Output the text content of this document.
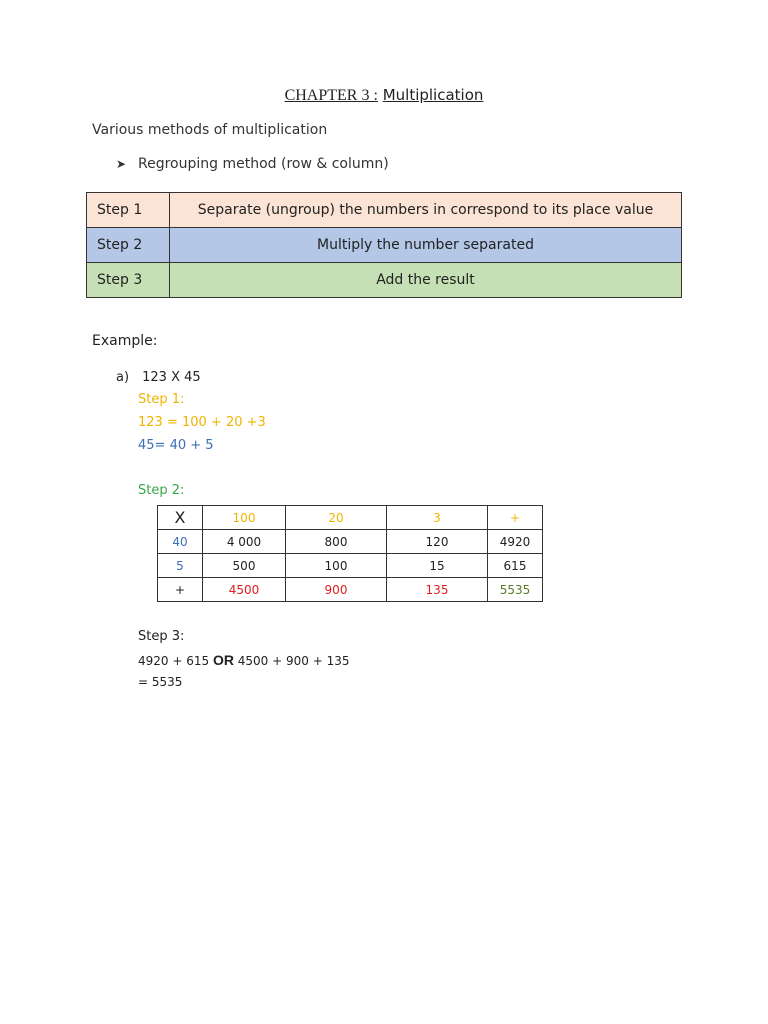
CHAPTER 3 : Multiplication
Various methods of multiplication
➤ Regrouping method (row & column)
Step 1	Separate (ungroup) the numbers in correspond to its place value
Step 2	Multiply the number separated
Step 3	Add the result
Example:
a) 123 X 45
Step 1:
123 = 100 + 20 +3
45= 40 + 5
Step 2:
X	100	20	3	+
40	4 000	800	120	4920
5	500	100	15	615
+	4500	900	135	5535
Step 3:
4920 + 615 OR 4500 + 900 + 135
= 5535
